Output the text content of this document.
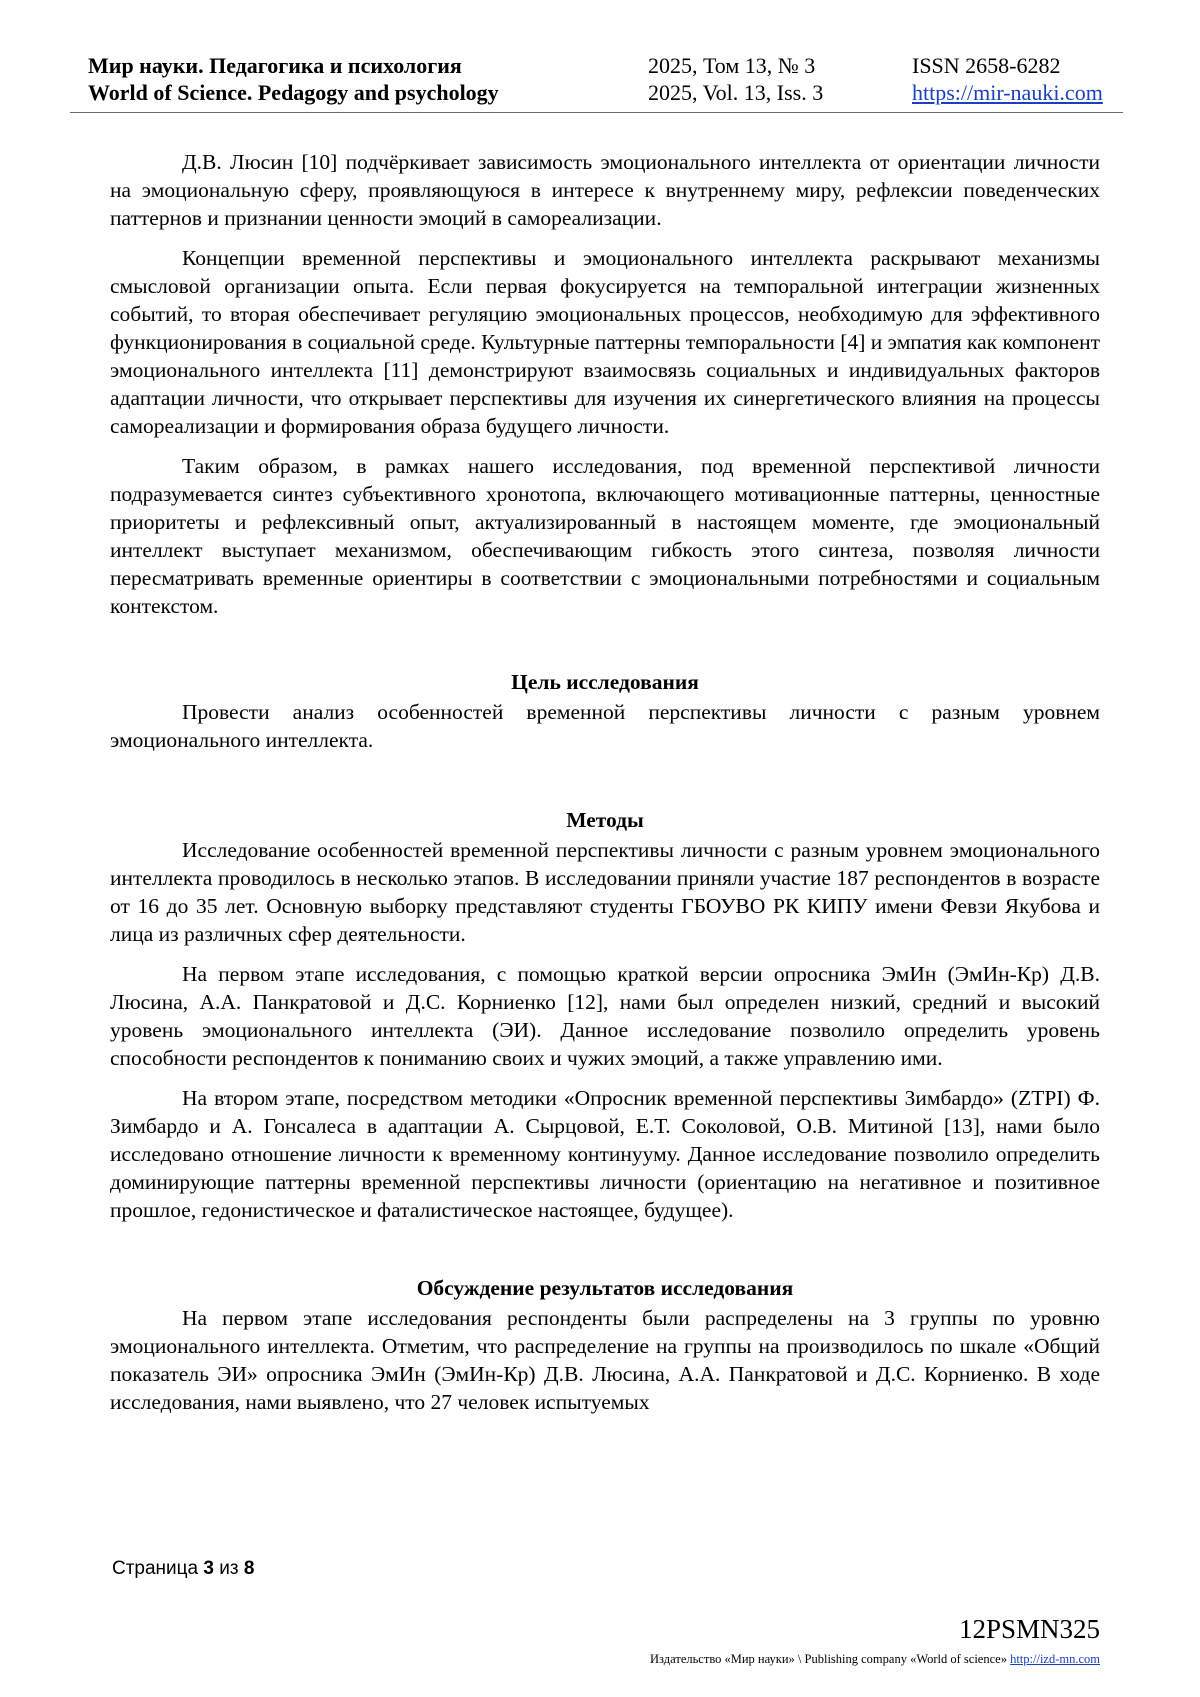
Мир науки. Педагогика и психология
World of Science. Pedagogy and psychology
2025, Том 13, № 3
2025, Vol. 13, Iss. 3
ISSN 2658-6282
https://mir-nauki.com

Д.В. Люсин [10] подчёркивает зависимость эмоционального интеллекта от ориентации личности на эмоциональную сферу, проявляющуюся в интересе к внутреннему миру, рефлексии поведенческих паттернов и признании ценности эмоций в самореализации.

Концепции временной перспективы и эмоционального интеллекта раскрывают механизмы смысловой организации опыта. Если первая фокусируется на темпоральной интеграции жизненных событий, то вторая обеспечивает регуляцию эмоциональных процессов, необходимую для эффективного функционирования в социальной среде. Культурные паттерны темпоральности [4] и эмпатия как компонент эмоционального интеллекта [11] демонстрируют взаимосвязь социальных и индивидуальных факторов адаптации личности, что открывает перспективы для изучения их синергетического влияния на процессы самореализации и формирования образа будущего личности.

Таким образом, в рамках нашего исследования, под временной перспективой личности подразумевается синтез субъективного хронотопа, включающего мотивационные паттерны, ценностные приоритеты и рефлексивный опыт, актуализированный в настоящем моменте, где эмоциональный интеллект выступает механизмом, обеспечивающим гибкость этого синтеза, позволяя личности пересматривать временные ориентиры в соответствии с эмоциональными потребностями и социальным контекстом.

Цель исследования

Провести анализ особенностей временной перспективы личности с разным уровнем эмоционального интеллекта.

Методы

Исследование особенностей временной перспективы личности с разным уровнем эмоционального интеллекта проводилось в несколько этапов. В исследовании приняли участие 187 респондентов в возрасте от 16 до 35 лет. Основную выборку представляют студенты ГБОУВО РК КИПУ имени Февзи Якубова и лица из различных сфер деятельности.

На первом этапе исследования, с помощью краткой версии опросника ЭмИн (ЭмИн-Кр) Д.В. Люсина, А.А. Панкратовой и Д.С. Корниенко [12], нами был определен низкий, средний и высокий уровень эмоционального интеллекта (ЭИ). Данное исследование позволило определить уровень способности респондентов к пониманию своих и чужих эмоций, а также управлению ими.

На втором этапе, посредством методики «Опросник временной перспективы Зимбардо» (ZTPI) Ф. Зимбардо и А. Гонсалеса в адаптации А. Сырцовой, Е.Т. Соколовой, О.В. Митиной [13], нами было исследовано отношение личности к временному континууму. Данное исследование позволило определить доминирующие паттерны временной перспективы личности (ориентацию на негативное и позитивное прошлое, гедонистическое и фаталистическое настоящее, будущее).

Обсуждение результатов исследования

На первом этапе исследования респонденты были распределены на 3 группы по уровню эмоционального интеллекта. Отметим, что распределение на группы на производилось по шкале «Общий показатель ЭИ» опросника ЭмИн (ЭмИн-Кр) Д.В. Люсина, А.А. Панкратовой и Д.С. Корниенко. В ходе исследования, нами выявлено, что 27 человек испытуемых

Страница 3 из 8
12PSMN325
Издательство «Мир науки» \ Publishing company «World of science» http://izd-mn.com
